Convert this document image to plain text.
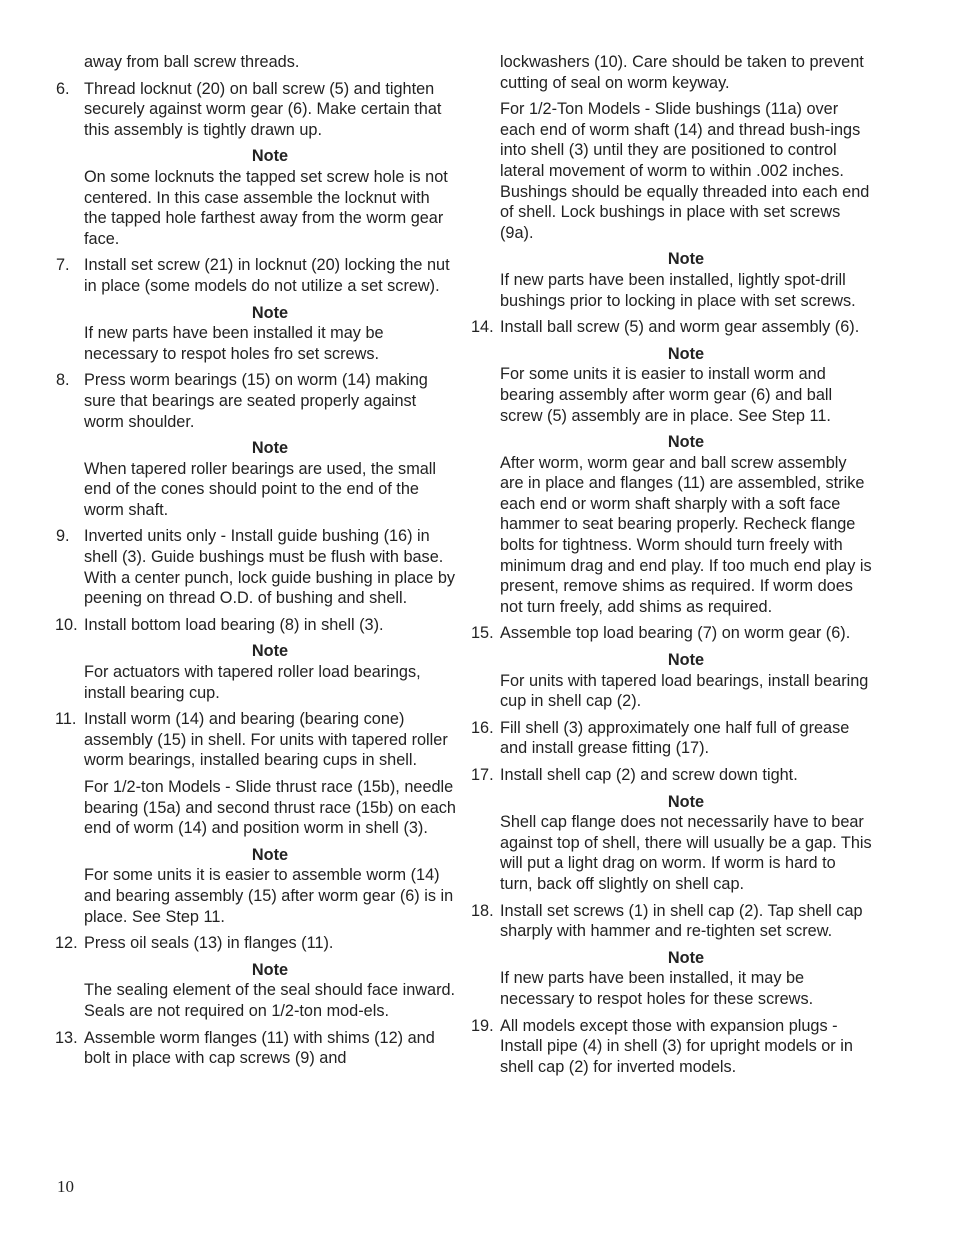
away from ball screw threads.
6. Thread locknut (20) on ball screw (5) and tighten securely against worm gear (6). Make certain that this assembly is tightly drawn up.
Note
On some locknuts the tapped set screw hole is not centered. In this case assemble the locknut with the tapped hole farthest away from the worm gear face.
7. Install set screw (21) in locknut (20) locking the nut in place (some models do not utilize a set screw).
Note
If new parts have been installed it may be necessary to respot holes fro set screws.
8. Press worm bearings (15) on worm (14) making sure that bearings are seated properly against worm shoulder.
Note
When tapered roller bearings are used, the small end of the cones should point to the end of the worm shaft.
9. Inverted units only - Install guide bushing (16) in shell (3). Guide bushings must be flush with base. With a center punch, lock guide bushing in place by peening on thread O.D. of bushing and shell.
10. Install bottom load bearing (8) in shell (3).
Note
For actuators with tapered roller load bearings, install bearing cup.
11. Install worm (14) and bearing (bearing cone) assembly (15) in shell. For units with tapered roller worm bearings, installed bearing cups in shell.
For 1/2-ton Models - Slide thrust race (15b), needle bearing (15a) and second thrust race (15b) on each end of worm (14) and position worm in shell (3).
Note
For some units it is easier to assemble worm (14) and bearing assembly (15) after worm gear (6) is in place. See Step 11.
12. Press oil seals (13) in flanges (11).
Note
The sealing element of the seal should face inward. Seals are not required on 1/2-ton mod-els.
13. Assemble worm flanges (11) with shims (12) and bolt in place with cap screws (9) and
lockwashers (10). Care should be taken to prevent cutting of seal on worm keyway.
For 1/2-Ton Models - Slide bushings (11a) over each end of worm shaft (14) and thread bush-ings into shell (3) until they are positioned to control lateral movement of worm to within .002 inches. Bushings should be equally threaded into each end of shell. Lock bushings in place with set screws (9a).
Note
If new parts have been installed, lightly spot-drill bushings prior to locking in place with set screws.
14. Install ball screw (5) and worm gear assembly (6).
Note
For some units it is easier to install worm and bearing assembly after worm gear (6) and ball screw (5) assembly are in place. See Step 11.
Note
After worm, worm gear and ball screw assembly are in place and flanges (11) are assembled, strike each end or worm shaft sharply with a soft face hammer to seat bearing properly. Recheck flange bolts for tightness. Worm should turn freely with minimum drag and end play. If too much end play is present, remove shims as required. If worm does not turn freely, add shims as required.
15. Assemble top load bearing (7) on worm gear (6).
Note
For units with tapered load bearings, install bearing cup in shell cap (2).
16. Fill shell (3) approximately one half full of grease and install grease fitting (17).
17. Install shell cap (2) and screw down tight.
Note
Shell cap flange does not necessarily have to bear against top of shell, there will usually be a gap. This will put a light drag on worm. If worm is hard to turn, back off slightly on shell cap.
18. Install set screws (1) in shell cap (2). Tap shell cap sharply with hammer and re-tighten set screw.
Note
If new parts have been installed, it may be necessary to respot holes for these screws.
19. All models except those with expansion plugs - Install pipe (4) in shell (3) for upright models or in shell cap (2) for inverted models.
10
